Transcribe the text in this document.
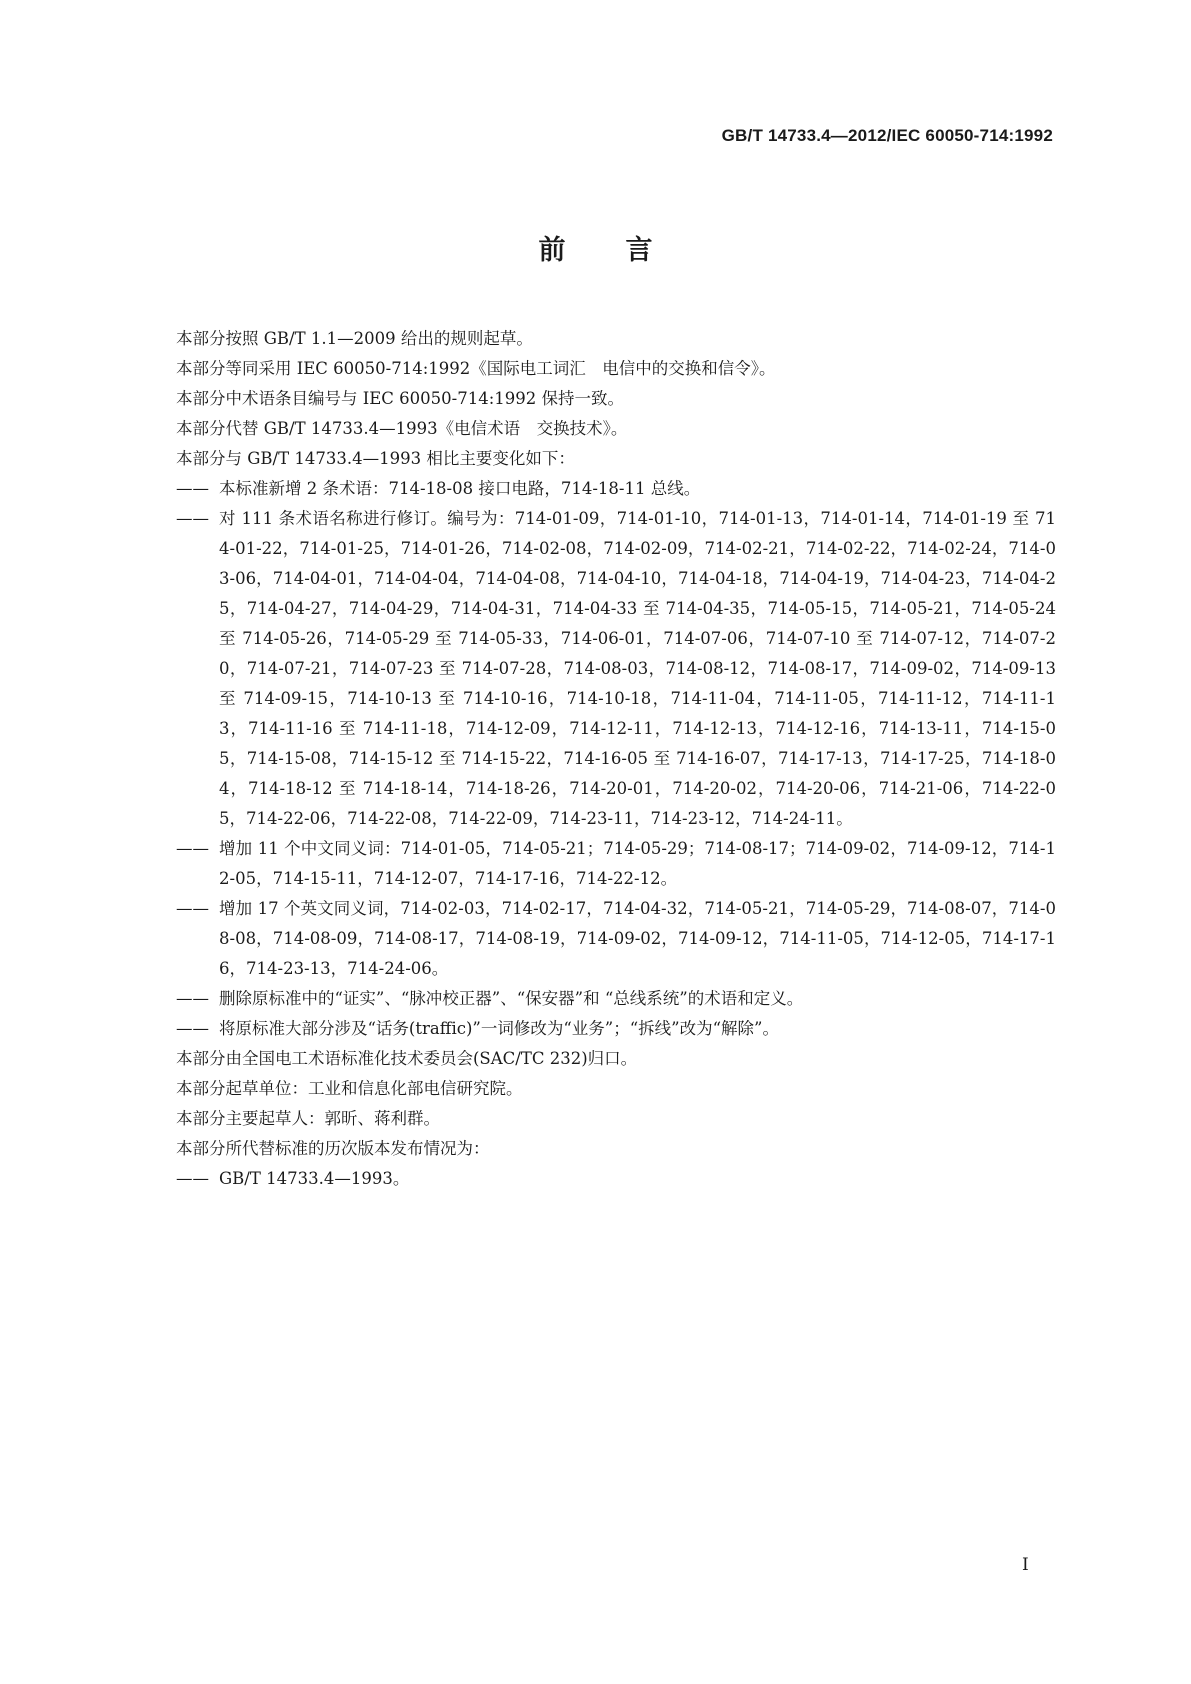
GB/T 14733.4—2012/IEC 60050-714:1992
前言

本部分按照 GB/T 1.1—2009 给出的规则起草。

本部分等同采用 IEC 60050-714:1992《国际电工词汇　电信中的交换和信令》。

本部分中术语条目编号与 IEC 60050-714:1992 保持一致。

本部分代替 GB/T 14733.4—1993《电信术语　交换技术》。

本部分与 GB/T 14733.4—1993 相比主要变化如下：

—— 本标准新增 2 条术语：714-18-08 接口电路，714-18-11 总线。
—— 对 111 条术语名称进行修订。编号为：714-01-09，714-01-10，714-01-13，714-01-14，714-01-19 至 714-01-22，714-01-25，714-01-26，714-02-08，714-02-09，714-02-21，714-02-22，714-02-24，714-03-06，714-04-01，714-04-04，714-04-08，714-04-10，714-04-18，714-04-19，714-04-23，714-04-25，714-04-27，714-04-29，714-04-31，714-04-33 至 714-04-35，714-05-15，714-05-21，714-05-24 至 714-05-26，714-05-29 至 714-05-33，714-06-01，714-07-06，714-07-10 至 714-07-12，714-07-20，714-07-21，714-07-23 至 714-07-28，714-08-03，714-08-12，714-08-17，714-09-02，714-09-13 至 714-09-15，714-10-13 至 714-10-16，714-10-18，714-11-04，714-11-05，714-11-12，714-11-13，714-11-16 至 714-11-18，714-12-09，714-12-11，714-12-13，714-12-16，714-13-11，714-15-05，714-15-08，714-15-12 至 714-15-22，714-16-05 至 714-16-07，714-17-13，714-17-25，714-18-04，714-18-12 至 714-18-14，714-18-26，714-20-01，714-20-02，714-20-06，714-21-06，714-22-05，714-22-06，714-22-08，714-22-09，714-23-11，714-23-12，714-24-11。
—— 增加 11 个中文同义词：714-01-05，714-05-21；714-05-29；714-08-17；714-09-02，714-09-12，714-12-05，714-15-11，714-12-07，714-17-16，714-22-12。
—— 增加 17 个英文同义词，714-02-03，714-02-17，714-04-32，714-05-21，714-05-29，714-08-07，714-08-08，714-08-09，714-08-17，714-08-19，714-09-02，714-09-12，714-11-05，714-12-05，714-17-16，714-23-13，714-24-06。
—— 删除原标准中的“证实”、“脉冲校正器”、“保安器”和 “总线系统”的术语和定义。
—— 将原标准大部分涉及“话务(traffic)”一词修改为“业务”；“拆线”改为“解除”。

本部分由全国电工术语标准化技术委员会(SAC/TC 232)归口。

本部分起草单位：工业和信息化部电信研究院。

本部分主要起草人：郭昕、蒋利群。

本部分所代替标准的历次版本发布情况为：

—— GB/T 14733.4—1993。
I
